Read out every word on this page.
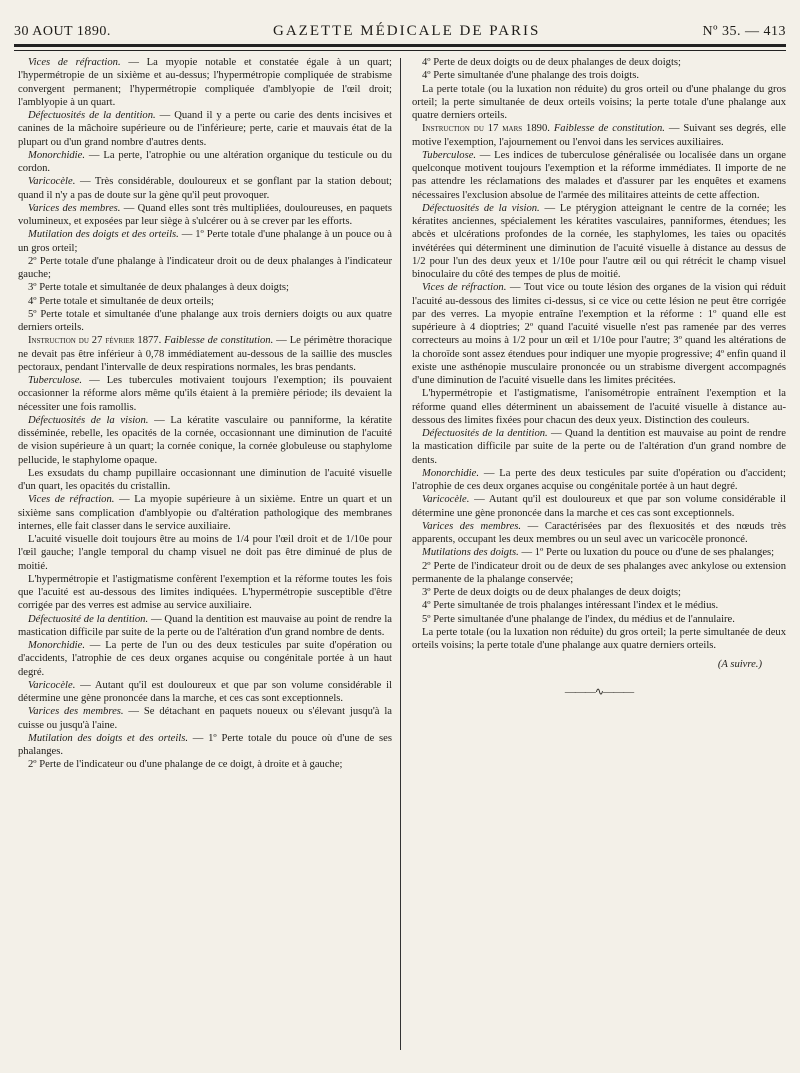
30 AOUT 1890.	GAZETTE MÉDICALE DE PARIS	Nº 35. — 413

Vices de réfraction. — La myopie notable et constatée égale à un quart; l'hypermétropie de un sixième et au-dessus; l'hypermétropie compliquée de strabisme convergent permanent; l'hypermétropie compliquée d'amblyopie de l'œil droit; l'amblyopie à un quart.

Défectuosités de la dentition. — Quand il y a perte ou carie des dents incisives et canines de la mâchoire supérieure ou de l'inférieure; perte, carie et mauvais état de la plupart ou d'un grand nombre d'autres dents.

Monorchidie. — La perte, l'atrophie ou une altération organique du testicule ou du cordon.

Varicocèle. — Très considérable, douloureux et se gonflant par la station debout; quand il n'y a pas de doute sur la gène qu'il peut provoquer.

Varices des membres. — Quand elles sont très multipliées, douloureuses, en paquets volumineux, et exposées par leur siège à s'ulcérer ou à se crever par les efforts.

Mutilation des doigts et des orteils. — 1º Perte totale d'une phalange à un pouce ou à un gros orteil;

2º Perte totale d'une phalange à l'indicateur droit ou de deux phalanges à l'indicateur gauche;

3º Perte totale et simultanée de deux phalanges à deux doigts;

4º Perte totale et simultanée de deux orteils;

5º Perte totale et simultanée d'une phalange aux trois derniers doigts ou aux quatre derniers orteils.

Instruction du 27 février 1877. Faiblesse de constitution. — Le périmètre thoracique ne devait pas être inférieur à 0,78 immédiatement au-dessous de la saillie des muscles pectoraux, pendant l'intervalle de deux respirations normales, les bras pendants.

Tuberculose. — Les tubercules motivaient toujours l'exemption; ils pouvaient occasionner la réforme alors même qu'ils étaient à la première période; ils devaient la nécessiter une fois ramollis.

Défectuosités de la vision. — La kératite vasculaire ou panniforme, la kératite disséminée, rebelle, les opacités de la cornée, occasionnant une diminution de l'acuité de vision supérieure à un quart; la cornée conique, la cornée globuleuse ou staphylome pellucide, le staphylome opaque.

Les exsudats du champ pupillaire occasionnant une diminution de l'acuité visuelle d'un quart, les opacités du cristallin.

Vices de réfraction. — La myopie supérieure à un sixième. Entre un quart et un sixième sans complication d'amblyopie ou d'altération pathologique des membranes internes, elle fait classer dans le service auxiliaire.

L'acuité visuelle doit toujours être au moins de 1/4 pour l'œil droit et de 1/10e pour l'œil gauche; l'angle temporal du champ visuel ne doit pas être diminué de plus de moitié.

L'hypermétropie et l'astigmatisme confèrent l'exemption et la réforme toutes les fois que l'acuité est au-dessous des limites indiquées. L'hypermétropie susceptible d'être corrigée par des verres est admise au service auxiliaire.

Défectuosité de la dentition. — Quand la dentition est mauvaise au point de rendre la mastication difficile par suite de la perte ou de l'altération d'un grand nombre de dents.

Monorchidie. — La perte de l'un ou des deux testicules par suite d'opération ou d'accidents, l'atrophie de ces deux organes acquise ou congénitale portée à un haut degré.

Varicocèle. — Autant qu'il est douloureux et que par son volume considérable il détermine une gène prononcée dans la marche, et ces cas sont exceptionnels.

Varices des membres. — Se détachant en paquets noueux ou s'élevant jusqu'à la cuisse ou jusqu'à l'aine.

Mutilation des doigts et des orteils. — 1º Perte totale du pouce où d'une de ses phalanges.

2º Perte de l'indicateur ou d'une phalange de ce doigt, à droite et à gauche;

4º Perte de deux doigts ou de deux phalanges de deux doigts;

4º Perte simultanée d'une phalange des trois doigts.

La perte totale (ou la luxation non réduite) du gros orteil ou d'une phalange du gros orteil; la perte simultanée de deux orteils voisins; la perte totale d'une phalange aux quatre derniers orteils.

Instruction du 17 mars 1890. Faiblesse de constitution. — Suivant ses degrés, elle motive l'exemption, l'ajournement ou l'envoi dans les services auxiliaires.

Tuberculose. — Les indices de tuberculose généralisée ou localisée dans un organe quelconque motivent toujours l'exemption et la réforme immédiates. Il importe de ne pas attendre les réclamations des malades et d'assurer par les enquêtes et examens nécessaires l'exclusion absolue de l'armée des militaires atteints de cette affection.

Défectuosités de la vision. — Le ptérygion atteignant le centre de la cornée; les kératites anciennes, spécialement les kératites vasculaires, panniformes, étendues; les abcès et ulcérations profondes de la cornée, les staphylomes, les taies ou opacités invétérées qui déterminent une diminution de l'acuité visuelle à distance au dessus de 1/2 pour l'un des deux yeux et 1/10e pour l'autre œil ou qui rétrécit le champ visuel binoculaire du côté des tempes de plus de moitié.

Vices de réfraction. — Tout vice ou toute lésion des organes de la vision qui réduit l'acuité au-dessous des limites ci-dessus, si ce vice ou cette lésion ne peut être corrigée par des verres. La myopie entraîne l'exemption et la réforme : 1º quand elle est supérieure à 4 dioptries; 2º quand l'acuité visuelle n'est pas ramenée par des verres correcteurs au moins à 1/2 pour un œil et 1/10e pour l'autre; 3º quand les altérations de la choroïde sont assez étendues pour indiquer une myopie progressive; 4º enfin quand il existe une asthénopie musculaire prononcée ou un strabisme divergent accompagnés d'une diminution de l'acuité visuelle dans les limites précitées.

L'hypermétropie et l'astigmatisme, l'anisométropie entraînent l'exemption et la réforme quand elles déterminent un abaissement de l'acuité visuelle à distance au-dessous des limites fixées pour chacun des deux yeux. Distinction des couleurs.

Défectuosités de la dentition. — Quand la dentition est mauvaise au point de rendre la mastication difficile par suite de la perte ou de l'altération d'un grand nombre de dents.

Monorchidie. — La perte des deux testicules par suite d'opération ou d'accident; l'atrophie de ces deux organes acquise ou congénitale portée à un haut degré.

Varicocèle. — Autant qu'il est douloureux et que par son volume considérable il détermine une gène prononcée dans la marche et ces cas sont exceptionnels.

Varices des membres. — Caractérisées par des flexuosités et des nœuds très apparents, occupant les deux membres ou un seul avec un varicocèle prononcé.

Mutilations des doigts. — 1º Perte ou luxation du pouce ou d'une de ses phalanges;

2º Perte de l'indicateur droit ou de deux de ses phalanges avec ankylose ou extension permanente de la phalange conservée;

3º Perte de deux doigts ou de deux phalanges de deux doigts;

4º Perte simultanée de trois phalanges intéressant l'index et le médius.

5º Perte simultanée d'une phalange de l'index, du médius et de l'annulaire.

La perte totale (ou la luxation non réduite) du gros orteil; la perte simultanée de deux orteils voisins; la perte totale d'une phalange aux quatre derniers orteils.

(A suivre.)

———∿———
